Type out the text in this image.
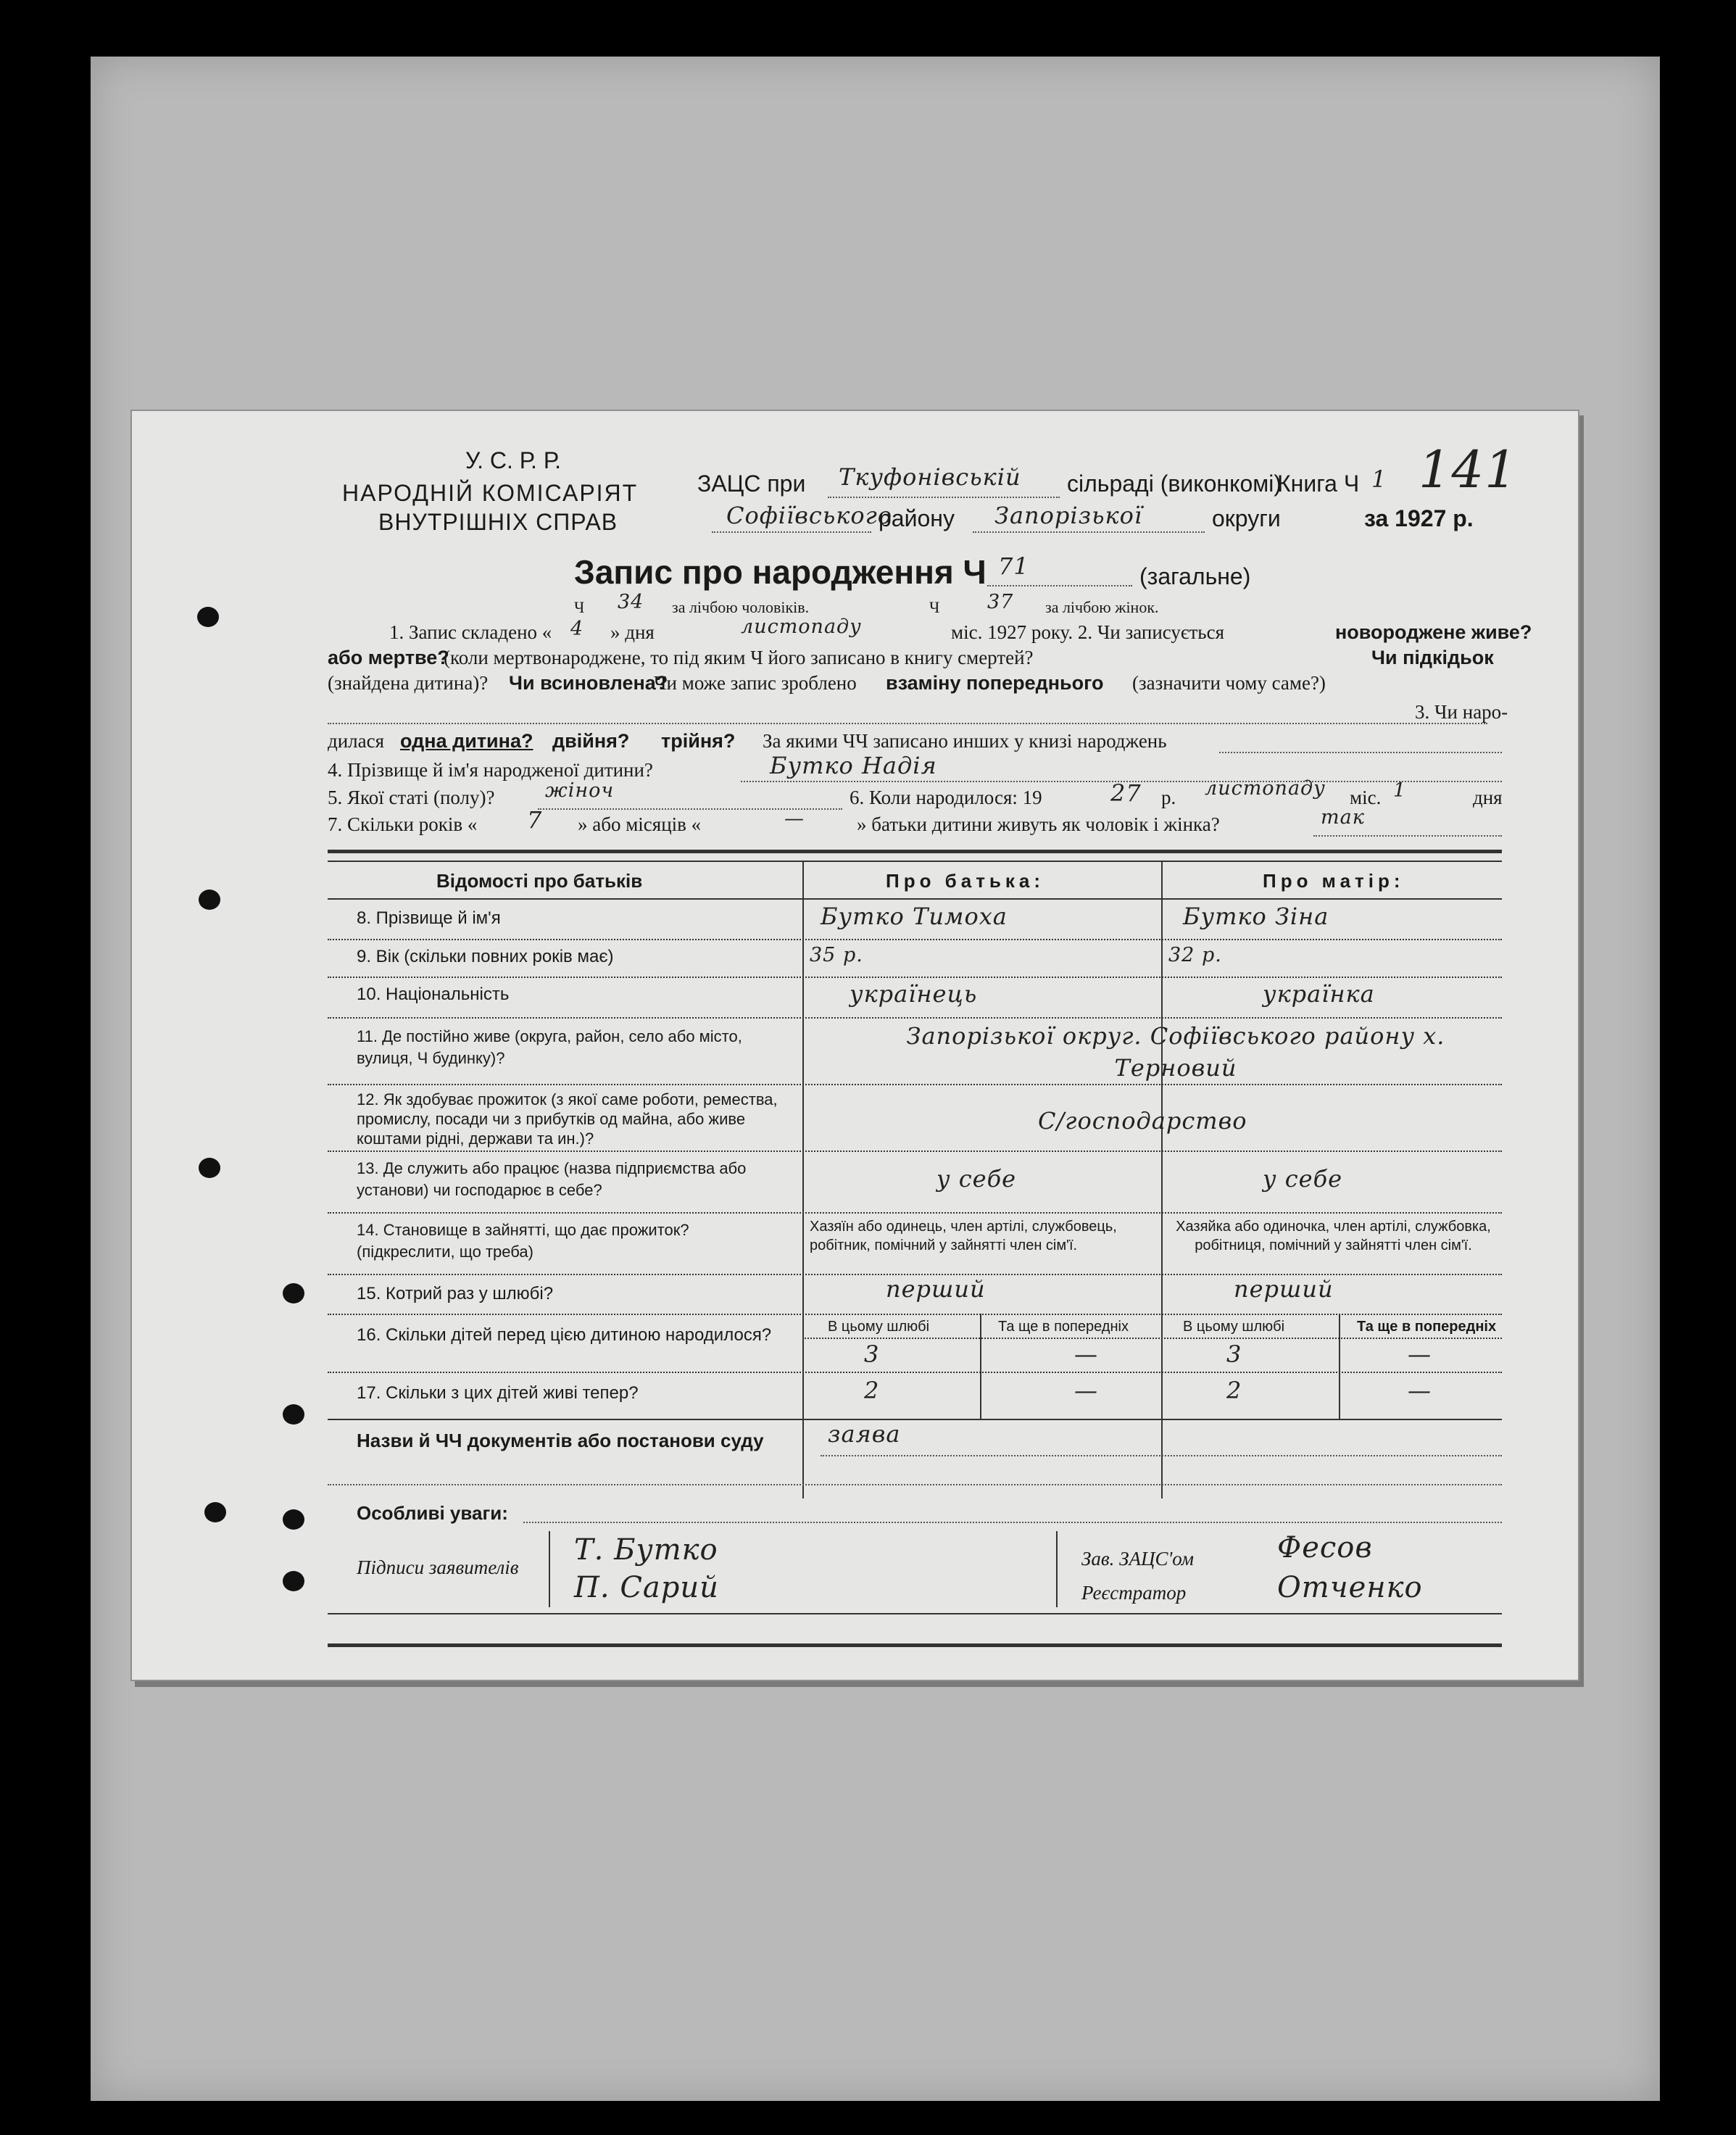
У. С. Р. Р.
НАРОДНІЙ КОМІСАРІЯТ
ВНУТРІШНІХ СПРАВ
ЗАЦС при Ткуфонівській сільраді (виконкомі)
Книга Ч 1 141
Софіївського
району Запорізької	округи	за 1927 р.
Запис про народження Ч 71	(загальне)
Ч 34 за лічбою чоловіків.	Ч 37 за лічбою жінок.
1. Запис складено « 4 » дня	листопаду	міс. 1927 року. 2. Чи записується	новороджене живе?
або мертве?
(коли мертвонароджене, то під яким Ч його записано в книгу смертей?	Чи підкідьок
(знайдена дитина)? Чи всиновлена?
Чи може запис зроблено взаміну попереднього (зазначити чому саме?)
3. Чи наро-
дилася одна дитина? двійня? трійня? За якими ЧЧ записано инших у книзі народжень
4. Прізвище й ім'я народженої дитини?	Бутко Надія
5. Якої статі (полу)?	жіноч	6. Коли народилося: 19	27 р. листопаду міс. 1	дня
7. Скільки років « 7 » або місяців «	—	» батьки дитини живуть як чоловік і жінка?	так
Відомості про батьків	Про батька:	Про матір:
8. Прізвище й ім'я	Бутко Тимоха	Бутко Зіна
9. Вік (скільки повних років має)	35 р.	32 р.
10. Національність	українець	українка
11. Де постійно живе (округа, район, село або місто, вулиця, Ч будинку)?
Запорізької округ. Софіївського району х. Терновий
12. Як здобуває прожиток (з якої саме роботи, ремества, промислу, посади чи з прибутків од майна, або живе коштами рідні, держави та ин.)?
С/господарство
13. Де служить або працює (назва підприємства або установи) чи господарює в себе?	у себе	у себе
14. Становище в зайнятті, що дає прожиток? (підкреслити, що треба)
Хазяїн або одинець, член артілі, службовець, робітник, помічний у зайнятті член сім'ї.
Хазяйка або одиночка, член артілі, службовка, робітниця, помічний у зайнятті член сім'ї.
15. Котрий раз у шлюбі?	перший	перший
16. Скільки дітей перед цією дитиною народилося?	В цьому шлюбі	Та ще в попередніх	В цьому шлюбі	Та ще в попередніх
3	—	3	—
17. Скільки з цих дітей живі тепер?	2	—	2	—
Назви й ЧЧ документів або постанови суду	заява
Особливі уваги:
Підписи заявителів
Т. Бутко
П. Сарий
Зав. ЗАЦС'ом	Фесов
Реєстратор	Отченко
